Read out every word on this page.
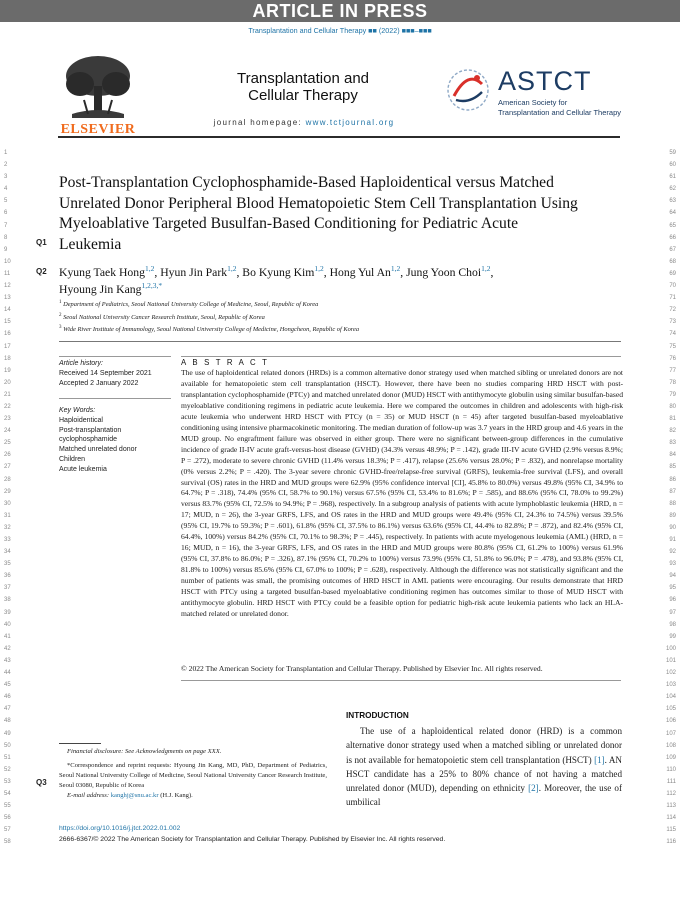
ARTICLE IN PRESS
Transplantation and Cellular Therapy ■■ (2022) ■■■–■■■
ELSEVIER
Transplantation and
Cellular Therapy
journal homepage: www.tctjournal.org
ASTCT
American Society for
Transplantation and Cellular Therapy
1
2
3
4
5
6
7
8
9
10
11
12
13
14
15
16
17
18
19
20
21
22
23
24
25
26
27
28
29
30
31
32
33
34
35
36
37
38
39
40
41
42
43
44
45
46
47
48
49
50
51
52
53
54
55
56
57
58
59
60
61
62
63
64
65
66
67
68
69
70
71
72
73
74
75
76
77
78
79
80
81
82
83
84
85
86
87
88
89
90
91
92
93
94
95
96
97
98
99
100
101
102
103
104
105
106
107
108
109
110
111
112
113
114
115
116
Q1
Q2
Q3
Post-Transplantation Cyclophosphamide-Based Haploidentical versus Matched Unrelated Donor Peripheral Blood Hematopoietic Stem Cell Transplantation Using Myeloablative Targeted Busulfan-Based Conditioning for Pediatric Acute Leukemia
Kyung Taek Hong$^{1,2}$, Hyun Jin Park$^{1,2}$, Bo Kyung Kim$^{1,2}$, Hong Yul An$^{1,2}$, Jung Yoon Choi$^{1,2}$,
Hyoung Jin Kang$^{1,2,3,*}$
$^1$ Department of Pediatrics, Seoul National University College of Medicine, Seoul, Republic of Korea
$^2$ Seoul National University Cancer Research Institute, Seoul, Republic of Korea
$^3$ Wide River Institute of Immunology, Seoul National University College of Medicine, Hongcheon, Republic of Korea
Article history:
Received 14 September 2021
Accepted 2 January 2022
Key Words:
Haploidentical
Post-transplantation
cyclophosphamide
Matched unrelated donor
Children
Acute leukemia
A B S T R A C T

The use of haploidentical related donors (HRDs) is a common alternative donor strategy used when matched sibling or unrelated donors are not available for hematopoietic stem cell transplantation (HSCT). However, there have been no studies comparing HRD HSCT with post-transplantation cyclophosphamide (PTCy) and matched unrelated donor (MUD) HSCT with antithymocyte globulin using similar busulfan-based myeloablative conditioning regimens in pediatric acute leukemia. Here we compared the outcomes in children and adolescents with high-risk acute leukemia who underwent HRD HSCT with PTCy (n = 35) or MUD HSCT (n = 45) after targeted busulfan-based myeloablative conditioning using intensive pharmacokinetic monitoring. The median duration of follow-up was 3.7 years in the HRD group and 4.6 years in the MUD group. No engraftment failure was observed in either group. There were no significant between-group differences in the cumulative incidence of grade II-IV acute graft-versus-host disease (GVHD) (34.3% versus 48.9%; P = .142), grade III-IV acute GVHD (2.9% versus 8.9%; P = .272), moderate to severe chronic GVHD (11.4% versus 18.3%; P = .417), relapse (25.6% versus 28.0%; P = .832), and nonrelapse mortality (0% versus 2.2%; P = .420). The 3-year severe chronic GVHD-free/relapse-free survival (GRFS), leukemia-free survival (LFS), and overall survival (OS) rates in the HRD and MUD groups were 62.9% (95% confidence interval [CI], 45.8% to 80.0%) versus 49.8% (95% CI, 34.9% to 64.7%; P = .318), 74.4% (95% CI, 58.7% to 90.1%) versus 67.5% (95% CI, 53.4% to 81.6%; P = .585), and 88.6% (95% CI, 78.0% to 99.2%) versus 83.7% (95% CI, 72.5% to 94.9%; P = .968), respectively. In a subgroup analysis of patients with acute lymphoblastic leukemia (HRD, n = 17; MUD, n = 26), the 3-year GRFS, LFS, and OS rates in the HRD and MUD groups were 49.4% (95% CI, 24.3% to 74.5%) versus 39.5% (95% CI, 19.7% to 59.3%; P = .601), 61.8% (95% CI, 37.5% to 86.1%) versus 63.6% (95% CI, 44.4% to 82.8%; P = .872), and 82.4% (95% CI, 64.4%, 100%) versus 84.2% (95% CI, 70.1% to 98.3%; P = .445), respectively. In patients with acute myelogenous leukemia (AML) (HRD, n = 16; MUD, n = 16), the 3-year GRFS, LFS, and OS rates in the HRD and MUD groups were 80.8% (95% CI, 61.2% to 100%) versus 61.9% (95% CI, 37.8% to 86.0%; P = .326), 87.1% (95% CI, 70.2% to 100%) versus 73.9% (95% CI, 51.8% to 96.0%; P = .478), and 93.8% (95% CI, 81.8% to 100%) versus 85.6% (95% CI, 67.0% to 100%; P = .628), respectively. Although the difference was not statistically significant and the number of patients was small, the promising outcomes of HRD HSCT in AML patients were encouraging. Our results demonstrate that HRD HSCT with PTCy using a targeted busulfan-based myeloablative conditioning regimen has outcomes similar to those of MUD HSCT with antithymocyte globulin. HRD HSCT with PTCy could be a feasible option for pediatric high-risk acute leukemia patients who lack an HLA-matched related or unrelated donor.

© 2022 The American Society for Transplantation and Cellular Therapy. Published by Elsevier Inc. All rights reserved.
INTRODUCTION

The use of a haploidentical related donor (HRD) is a common alternative donor strategy used when a matched sibling or unrelated donor is not available for hematopoietic stem cell transplantation (HSCT) [1]. AN HSCT candidate has a 25% to 80% chance of not having a matched unrelated donor (MUD), depending on ethnicity [2]. Moreover, the use of umbilical

Financial disclosure: See Acknowledgments on page XXX.
*Correspondence and reprint requests: Hyoung Jin Kang, MD, PhD, Department of Pediatrics, Seoul National University College of Medicine, Seoul National University Cancer Research Institute, Seoul 03080, Republic of Korea
E-mail address: kanghj@snu.ac.kr (H.J. Kang).
https://doi.org/10.1016/j.jtct.2022.01.002
2666-6367/© 2022 The American Society for Transplantation and Cellular Therapy. Published by Elsevier Inc. All rights reserved.
